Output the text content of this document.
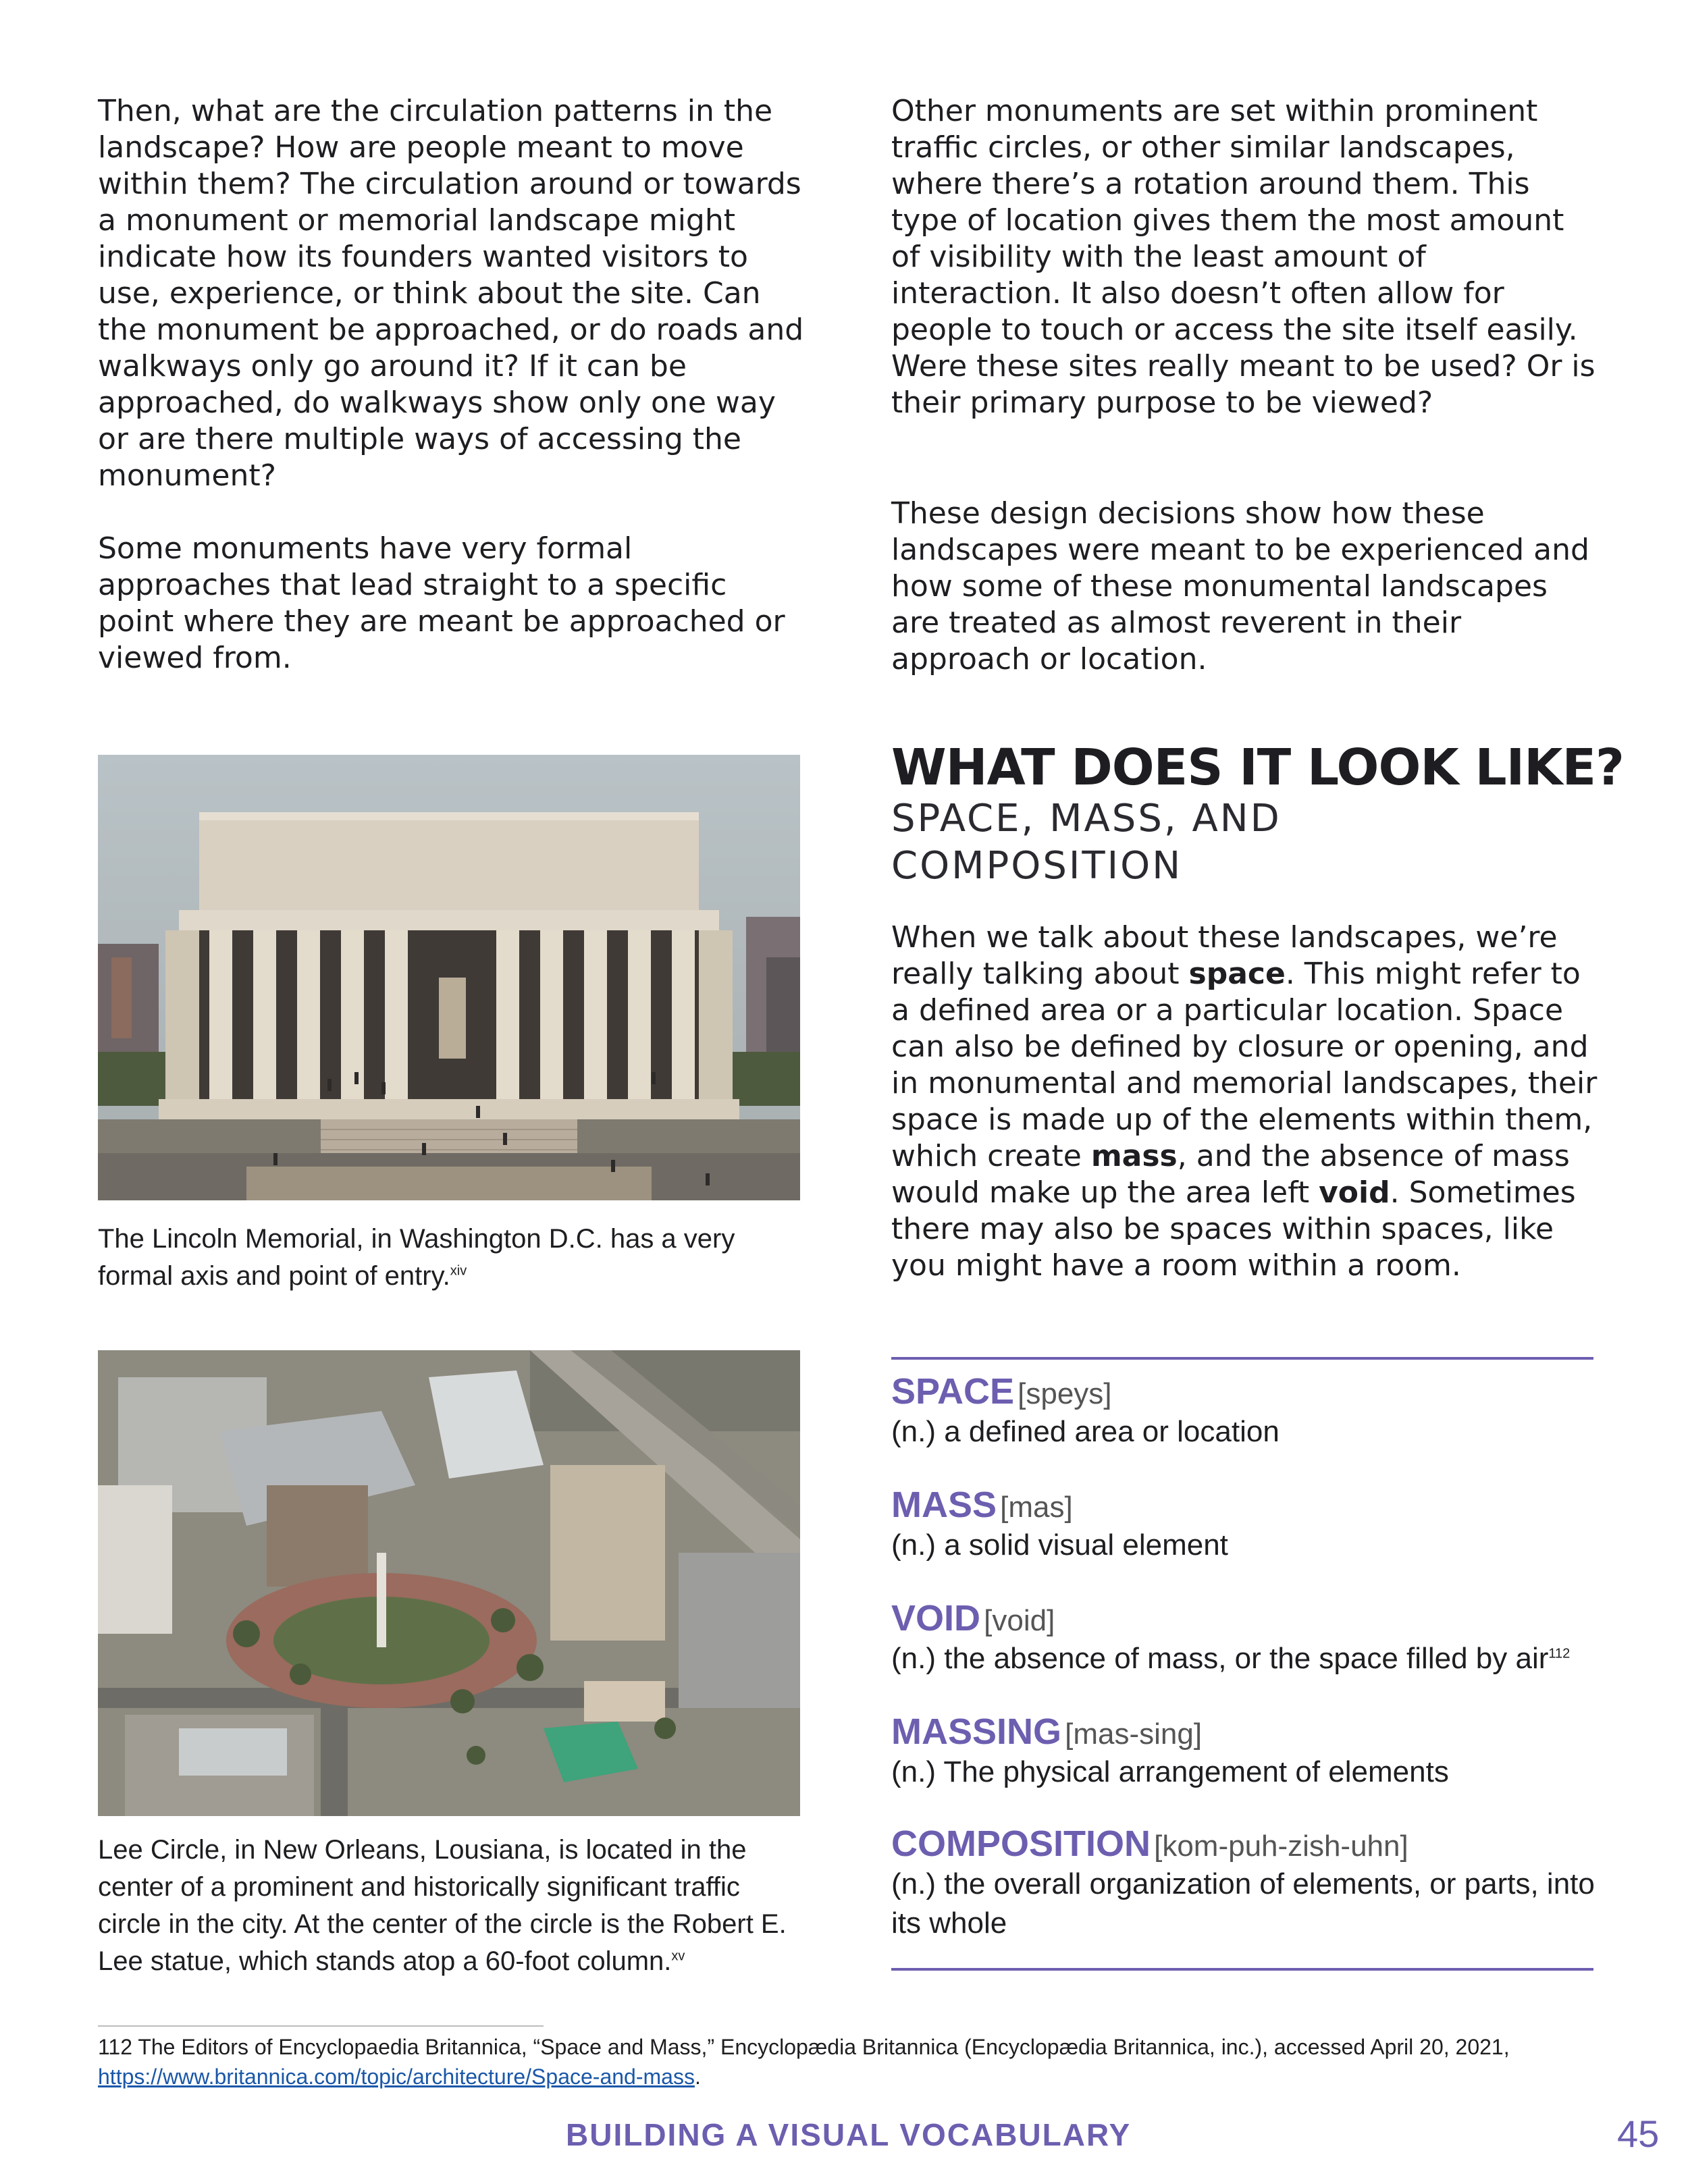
Then, what are the circulation patterns in the landscape? How are people meant to move within them? The circulation around or towards a monument or memorial landscape might indicate how its founders wanted visitors to use, experience, or think about the site. Can the monument be approached, or do roads and walkways only go around it? If it can be approached, do walkways show only one way or are there multiple ways of accessing the monument?

Some monuments have very formal approaches that lead straight to a specific point where they are meant be approached or viewed from.

The Lincoln Memorial, in Washington D.C. has a very formal axis and point of entry.$^{xiv}$
Lee Circle, in New Orleans, Lousiana, is located in the center of a prominent and historically significant traffic circle in the city. At the center of the circle is the Robert E. Lee statue, which stands atop a 60-foot column.$^{xv}$

Other monuments are set within prominent traffic circles, or other similar landscapes, where there’s a rotation around them. This type of location gives them the most amount of visibility with the least amount of interaction. It also doesn’t often allow for people to touch or access the site itself easily. Were these sites really meant to be used? Or is their primary purpose to be viewed?

These design decisions show how these landscapes were meant to be experienced and how some of these monumental landscapes are treated as almost reverent in their approach or location.

WHAT DOES IT LOOK LIKE?
SPACE, MASS, AND COMPOSITION

When we talk about these landscapes, we’re really talking about space. This might refer to a defined area or a particular location. Space can also be defined by closure or opening, and in monumental and memorial landscapes, their space is made up of the elements within them, which create mass, and the absence of mass would make up the area left void. Sometimes there may also be spaces within spaces, like you might have a room within a room.

SPACE [speys]
(n.) a defined area or location
MASS [mas]
(n.) a solid visual element
VOID [void]
(n.) the absence of mass, or the space filled by air$^{112}$
MASSING [mas-sing]
(n.) The physical arrangement of elements
COMPOSITION [kom-puh-zish-uhn]
(n.) the overall organization of elements, or parts, into its whole
112 The Editors of Encyclopaedia Britannica, “Space and Mass,” Encyclopædia Britannica (Encyclopædia Britannica, inc.), accessed April 20, 2021, https://www.britannica.com/topic/architecture/Space-and-mass.
BUILDING A VISUAL VOCABULARY	45
